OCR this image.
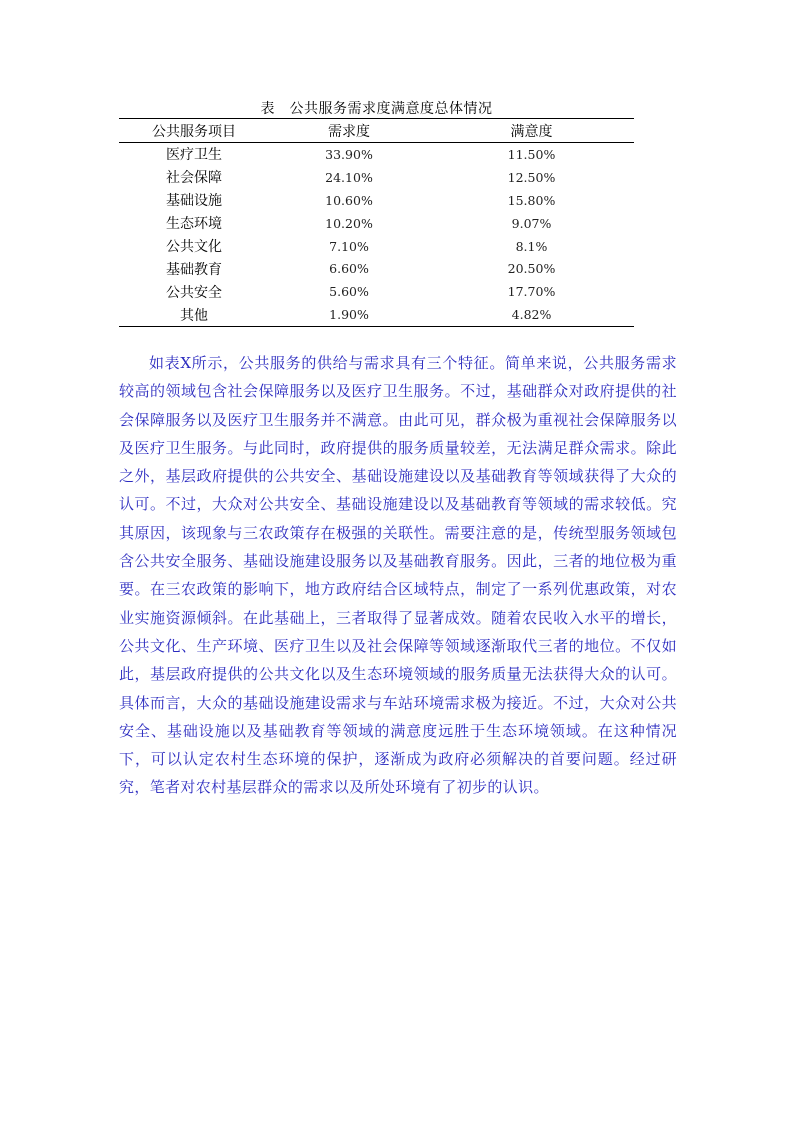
表　公共服务需求度满意度总体情况
公共服务项目	需求度	满意度
医疗卫生	33.90%	11.50%
社会保障	24.10%	12.50%
基础设施	10.60%	15.80%
生态环境	10.20%	9.07%
公共文化	7.10%	8.1%
基础教育	6.60%	20.50%
公共安全	5.60%	17.70%
其他	1.90%	4.82%

如表X所示，公共服务的供给与需求具有三个特征。简单来说，公共服务需求较高的领域包含社会保障服务以及医疗卫生服务。不过，基础群众对政府提供的社会保障服务以及医疗卫生服务并不满意。由此可见，群众极为重视社会保障服务以及医疗卫生服务。与此同时，政府提供的服务质量较差，无法满足群众需求。除此之外，基层政府提供的公共安全、基础设施建设以及基础教育等领域获得了大众的认可。不过，大众对公共安全、基础设施建设以及基础教育等领域的需求较低。究其原因，该现象与三农政策存在极强的关联性。需要注意的是，传统型服务领域包含公共安全服务、基础设施建设服务以及基础教育服务。因此，三者的地位极为重要。在三农政策的影响下，地方政府结合区域特点，制定了一系列优惠政策，对农业实施资源倾斜。在此基础上，三者取得了显著成效。随着农民收入水平的增长，公共文化、生产环境、医疗卫生以及社会保障等领域逐渐取代三者的地位。不仅如此，基层政府提供的公共文化以及生态环境领域的服务质量无法获得大众的认可。具体而言，大众的基础设施建设需求与车站环境需求极为接近。不过，大众对公共安全、基础设施以及基础教育等领域的满意度远胜于生态环境领域。在这种情况下，可以认定农村生态环境的保护，逐渐成为政府必须解决的首要问题。经过研究，笔者对农村基层群众的需求以及所处环境有了初步的认识。
